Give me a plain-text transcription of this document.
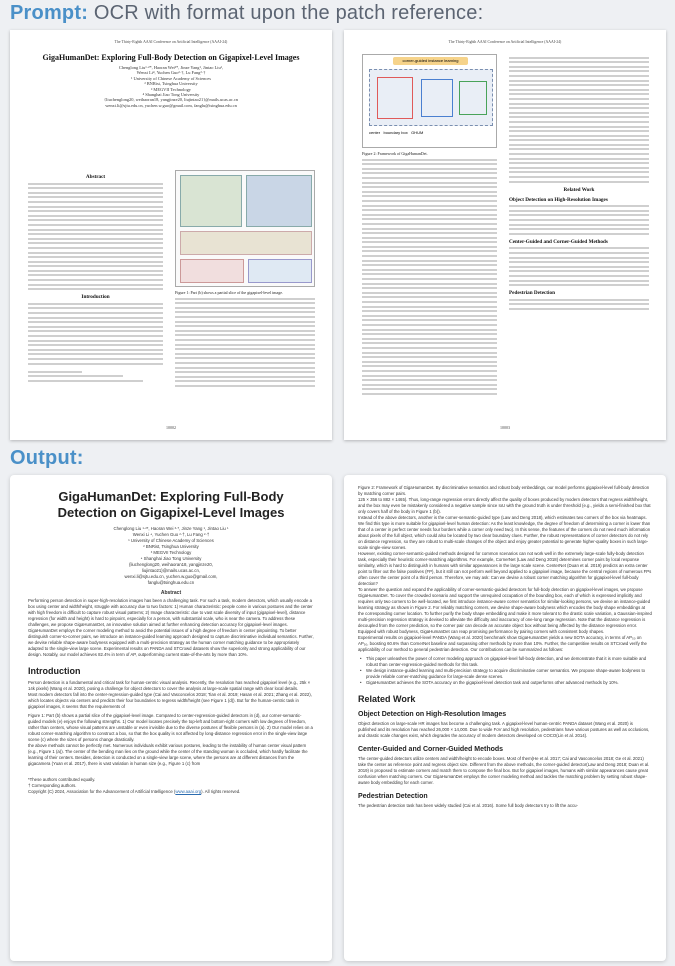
Prompt: OCR with format upon the patch reference:
The Thirty-Eighth AAAI Conference on Artificial Intelligence (AAAI-24)
GigaHumanDet: Exploring Full-Body Detection on Gigapixel-Level Images
Chenglong Liu¹·²*, Haoran Wei³*, Jinze Yang¹, Jintao Liu¹,
Wenxi Li⁴, Yuchen Guo²·†, Lu Fang²·†
¹ University of Chinese Academy of Sciences
² BNRist, Tsinghua University
³ MEGVII Technology
⁴ Shanghai Jiao Tong University
{liuchenglong20, weihaoran18, yangjinze20, liujintao21}@mails.ucas.ac.cn
wenxi.li@sjtu.edu.cn, yuchen.w.guo@gmail.com, fanglu@tsinghua.edu.cn
Abstract
Introduction
Figure 1: Part (b) shows a partial slice of the gigapixel-level image.
10002
The Thirty-Eighth AAAI Conference on Artificial Intelligence (AAAI-24)
corner-guided instance learning
center boundary box GHUM
Figure 2: Framework of GigaHumanDet.
Related Work
Object Detection on High-Resolution Images
Center-Guided and Corner-Guided Methods
Pedestrian Detection
10003
Output:
GigaHumanDet: Exploring Full-Body Detection on Gigapixel-Level Images
Chenglong Liu ¹·²*, Haoran Wei ³·*, Jinze Yang ¹, Jintao Liu ¹
Wenxi Li ⁴, Yuchen Guo ²·†, Lu Fang ²·†
¹ University of Chinese Academy of Sciences
² BNRist, Tsinghua University
³ MEGVII Technology
⁴ Shanghai Jiao Tong University
{liuchenglong20, weihaoran18, yangjinze20,
liujintao21}@mails.ucas.ac.cn,
wenxi.li@sjtu.edu.cn, yuchen.w.guo@gmail.com,
fanglu@tsinghua.edu.cn
Abstract
Performing person detection in super-high-resolution images has been a challenging task. For such a task, modern detectors, which usually encode a box using center and width/height, struggle with accuracy due to two factors: 1) Human characteristic: people come in various postures and the center with high freedom is difficult to capture robust visual patterns; 2) Image characteristic: due to vast scale diversity of input (gigapixel-level), distance regression (for width and height) is hard to pinpoint, especially for a person, with substantial scale, who is near the camera. To address these challenges, we propose GigaHumanDet, an innovative solution aimed at further enhancing detection accuracy for gigapixel-level images. GigaHumanDet employs the corner modeling method to avoid the potential issues of a high degree of freedom in center pinpointing. To better distinguish corner-to-corner pairs, we introduce an instance-guided learning approach designed to capture discriminative individual semantics. Further, we devise reliable shape-aware bodyness equipped with a multi-precision strategy as the human corner matching guidance to be appropriately adapted to the single-view large scene. Experimental results on PANDA and STCrowd datasets show the superiority and strong applicability of our design. Notably, our model achieves 82.4% in term of AP, outperforming current state-of-the-arts by more than 10%.
Introduction
Person detection is a fundamental and critical task for human-centric visual analysis. Recently, the resolution has reached gigapixel level (e.g., 25k × 14k pixels) (Wang et al. 2020), posing a challenge for object detectors to cover the analysis at large-scale spatial range with clear local details.
Most modern detectors fall into the center-regression-guided type (Cai and Vasconcelos 2018; Tian et al. 2019; Hasan et al. 2021; Zhang et al. 2022), which locates objects via centers and predicts their four boundaries to regress width/height (see Figure 1 (d)). But for the human-centric task in gigapixel images, it seems that the requirements of
Figure 1: Part (b) shows a partial slice of the gigapixel-level image. Compared to center-regression-guided detectors in (d), our corner-semantic-guided models (e) enjoys the following strengths. 1) Our model locates precisely the top-left and bottom-right corners with low degrees of freedom, rather than centers, whose visual patterns are unstable or even invisible due to the diverse postures of flexible persons in (a). 2) Our model relies on a robust corner-matching algorithm to construct a box, so that the box quality is not affected by long-distance regression error in the single-view large scene (c) where the sizes of persons change drastically.
the above methods cannot be perfectly met. Numerous individuals exhibit various postures, leading to the instability of human center visual pattern (e.g., Figure 1 (a)). The center of the bending man lies on the ground while the center of the standing woman is occluded, which hardly facilitate the learning of their centers. Besides, detection is conducted on a single-view large scene, where the persons are at different distances from the gigacamera (Yuan et al. 2017), there is vast variation in human size (e.g., Figure 1 (c) from
*These authors contributed equally.
† Corresponding authors.
Copyright (C) 2024, Association for the Advancement of Artificial Intelligence (www.aaai.org). All rights reserved.
Figure 2: Framework of GigaHumanDet. By discriminative semantics and robust body embeddings, our model performs gigapixel-level full-body detection by matching corner pairs.
125 × 356 to 882 × 1465). Thus, long-range regression errors directly affect the quality of boxes produced by modern detectors that regress width/height, and the box may even be mistakenly considered a negative sample since IoU with the ground truth is under threshold (e.g., yields a semi-finished box that only covers half of the body in Figure 1 (b)).
Instead of the above detectors, another is the corner-semantic-guided type (Law and Deng 2018), which estimates two corners of the box via heatmaps. We find this type is more suitable for gigapixel-level human detection: As the least knowledge, the degree of freedom of determining a corner is lower than that of a center in perfect center needs four borders while a corner only need two). In this sense, the features of the corners do not need much information about pixels of the full object, which could also be located by two clear boundary clues. Further, the robust representations of corner detectors do not rely on distance regression, so they are robust to multi-scale changes of the object and enjoy greater potential to generate higher-quality boxes in such large-scale single-view scenes.
However, existing corner-semantic-guided methods designed for common scenarios can not work well in the extremely large-scale fully-body detection task, especially their heuristic corner-matching algorithms. For example, CornerNet (Law and Deng 2018) determines corner pairs by local response similarity, which is hard to distinguish in humans with similar appearances in the large scale scene. CenterNet (Duan et al. 2019) predicts an extra center point to filter out the false positives (FP), but it still can not perform well beyond applied to a gigapixel image, because the central regions of numerous FPs often cover the center point of a third person. Therefore, we may ask: Can we devise a robust corner matching algorithm for gigapixel-level full-body detection?
To answer the question and expand the applicability of corner-semantic-guided detectors for full-body detection on gigapixel-level images, we propose GigaHumanDet. To cover the crowded scenario and support the unrequired occupation of the bounding box, each of which is expressed implicitly and requires only two corners to be well-located, we first introduce instance-aware corner semantics for similar-looking persons, we devise an instance-guided learning strategy as shown in Figure 2. For reliably matching corners, we devise shape-aware bodyness which encodes the body shape embeddings at the corresponding corner location. To further purify the body shape embedding and make it more tolerant to the drastic scale variation, a Gaussian-inspired multi-precision regression strategy is devised to alleviate the difficulty and inaccuracy of one-long range regression. Note that the distance regression is decoupled from the corner prediction, so the corner pair can decode an accurate object box without being affected by the distance regression error. Equipped with robust bodyness, GigaHumanDet can reap promising performance by pairing corners with consistent body shapes.
Experimental results on gigapixel-level PANDA (Wang et al. 2020) benchmark show GigaHumanDet yields a new SOTA accuracy, in terms of AP₅₀ on AP₅₀, boosting 60.6% than CornerNet baseline and surpassing other methods by more than 10%. Further, the competitive results on STCrowd verify the applicability of our method to general pedestrian detection. Our contributions can be summarized as follows:
• This paper unleashes the power of corner modeling approach on gigapixel-level full-body detection, and we demonstrate that it is more suitable and robust than center-regression-guided methods for this task.
• We design instance-guided learning and multi-precision strategy to acquire discriminative corner semantics. We propose shape-aware bodyness to provide reliable corner-matching guidance for large-scale dense scenes.
• GigaHumanDet achieves the SOTA accuracy on the gigapixel-level detection task and outperforms other advanced methods by 10%.
Related Work
Object Detection on High-Resolution Images
Object detection on large-scale HR images has become a challenging task. A gigapixel-level human-centric PANDA dataset (Wang et al. 2020) is published and its resolution has reached 26,000 × 14,000. Due to wide FoV and high resolution, pedestrians have various postures as well as occlusions, and drastic scale changes exist, which degrades the accuracy of modern detectors developed on COCO(Lin et al. 2014).
Center-Guided and Corner-Guided Methods
The center-guided detectors utilize centers and width/height to encode boxes. Most of them(He et al. 2017; Cai and Vasconcelos 2018; Ge et al. 2021) take the center as reference point and regress object size. Different from the above methods, the corner-guided detector(Law and Deng 2018; Duan et al. 2019) is proposed to estimate corners and match them to compose the final box. But for gigapixel images, humans with similar appearances cause great confusion when matching corners. Our GigaHumanDet employs the corner modeling method and tackles the matching problem by setting robust shape-aware body embedding for each corner.
Pedestrian Detection
The pedestrian detection task has been widely studied (Cai et al. 2016). Some full body detectors try to lift the accu-
